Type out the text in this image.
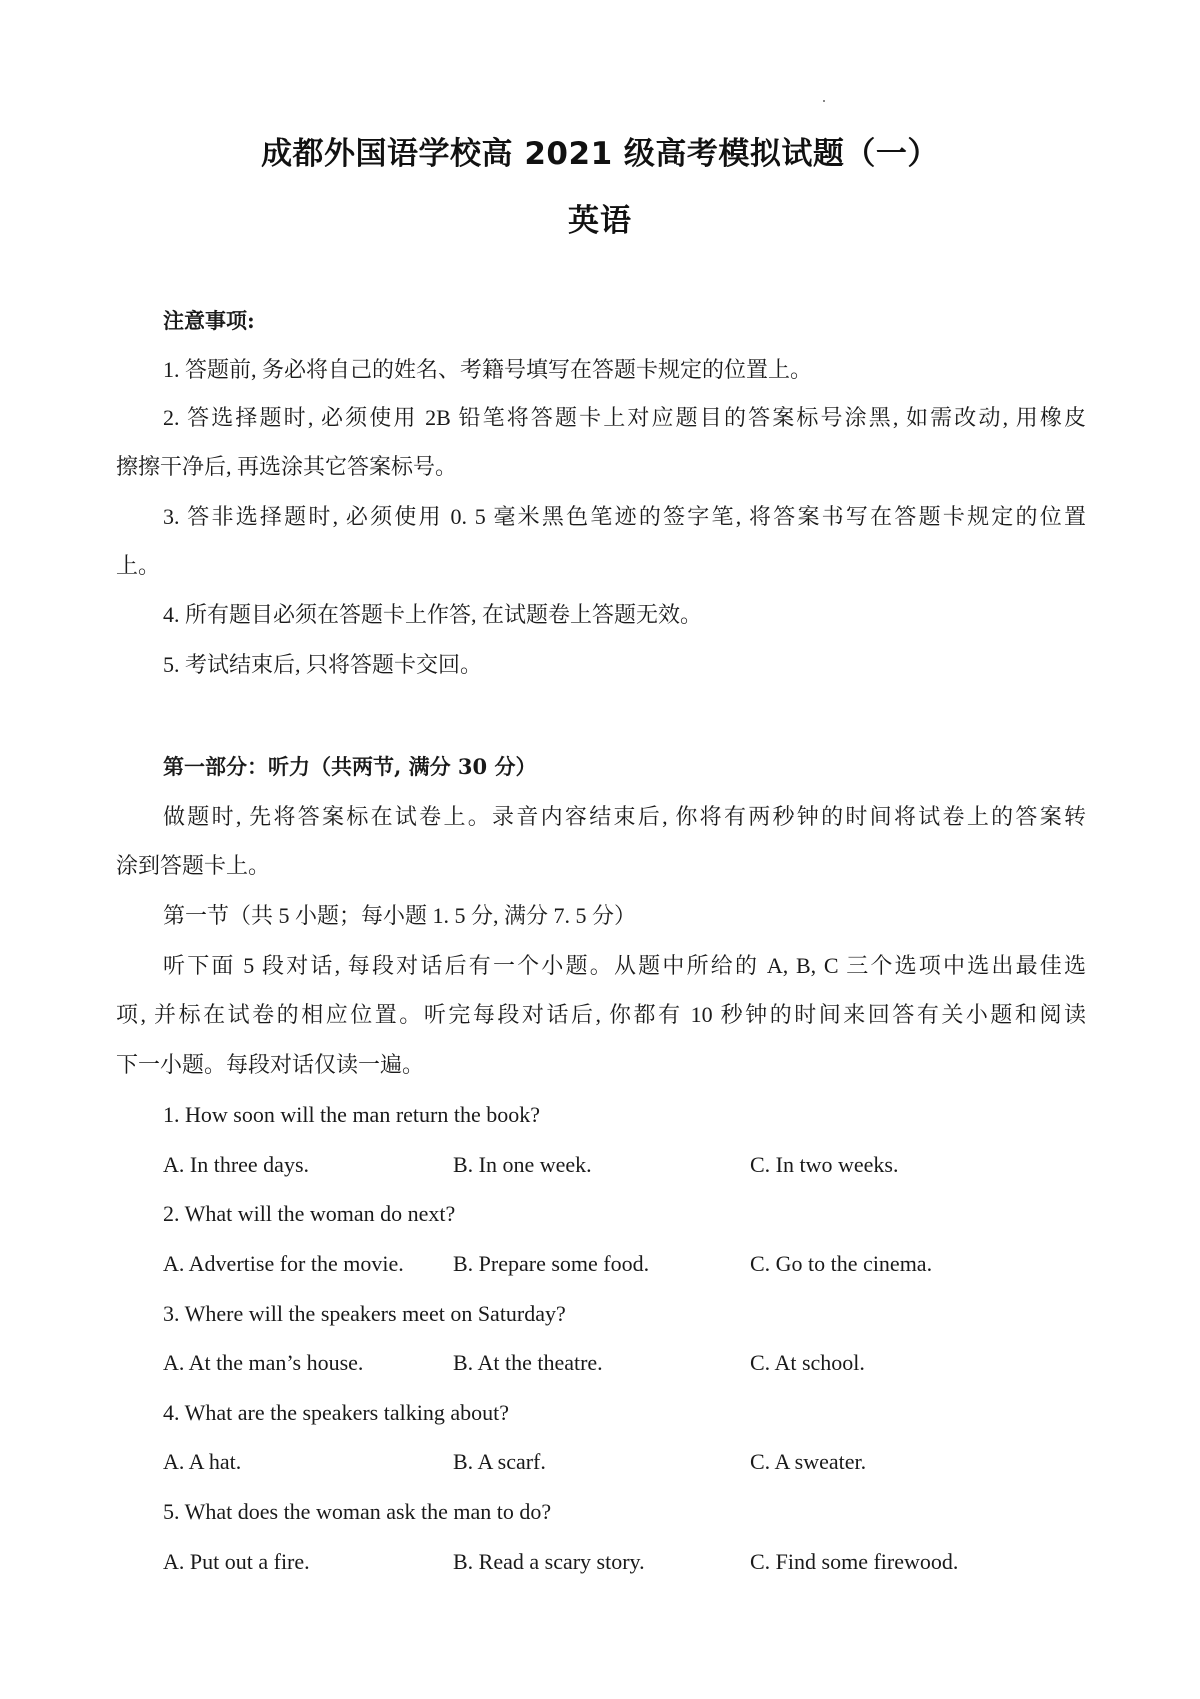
成都外国语学校高 2021 级高考模拟试题（一）
英语
注意事项:
1. 答题前, 务必将自己的姓名、考籍号填写在答题卡规定的位置上。
2. 答选择题时, 必须使用 2B 铅笔将答题卡上对应题目的答案标号涂黑, 如需改动, 用橡皮
擦擦干净后, 再选涂其它答案标号。
3. 答非选择题时, 必须使用 0. 5 毫米黑色笔迹的签字笔, 将答案书写在答题卡规定的位置
上。
4. 所有题目必须在答题卡上作答, 在试题卷上答题无效。
5. 考试结束后, 只将答题卡交回。
第一部分：听力（共两节, 满分 30 分）
做题时, 先将答案标在试卷上。录音内容结束后, 你将有两秒钟的时间将试卷上的答案转
涂到答题卡上。
第一节（共 5 小题；每小题 1. 5 分, 满分 7. 5 分）
听下面 5 段对话, 每段对话后有一个小题。从题中所给的 A, B, C 三个选项中选出最佳选
项, 并标在试卷的相应位置。听完每段对话后, 你都有 10 秒钟的时间来回答有关小题和阅读
下一小题。每段对话仅读一遍。
1. How soon will the man return the book?
A. In three days.	B. In one week.	C. In two weeks.
2. What will the woman do next?
A. Advertise for the movie. B. Prepare some food.	C. Go to the cinema.
3. Where will the speakers meet on Saturday?
A. At the man’s house.	B. At the theatre.	C. At school.
4. What are the speakers talking about?
A. A hat.	B. A scarf.	C. A sweater.
5. What does the woman ask the man to do?
A. Put out a fire.	B. Read a scary story.	C. Find some firewood.
